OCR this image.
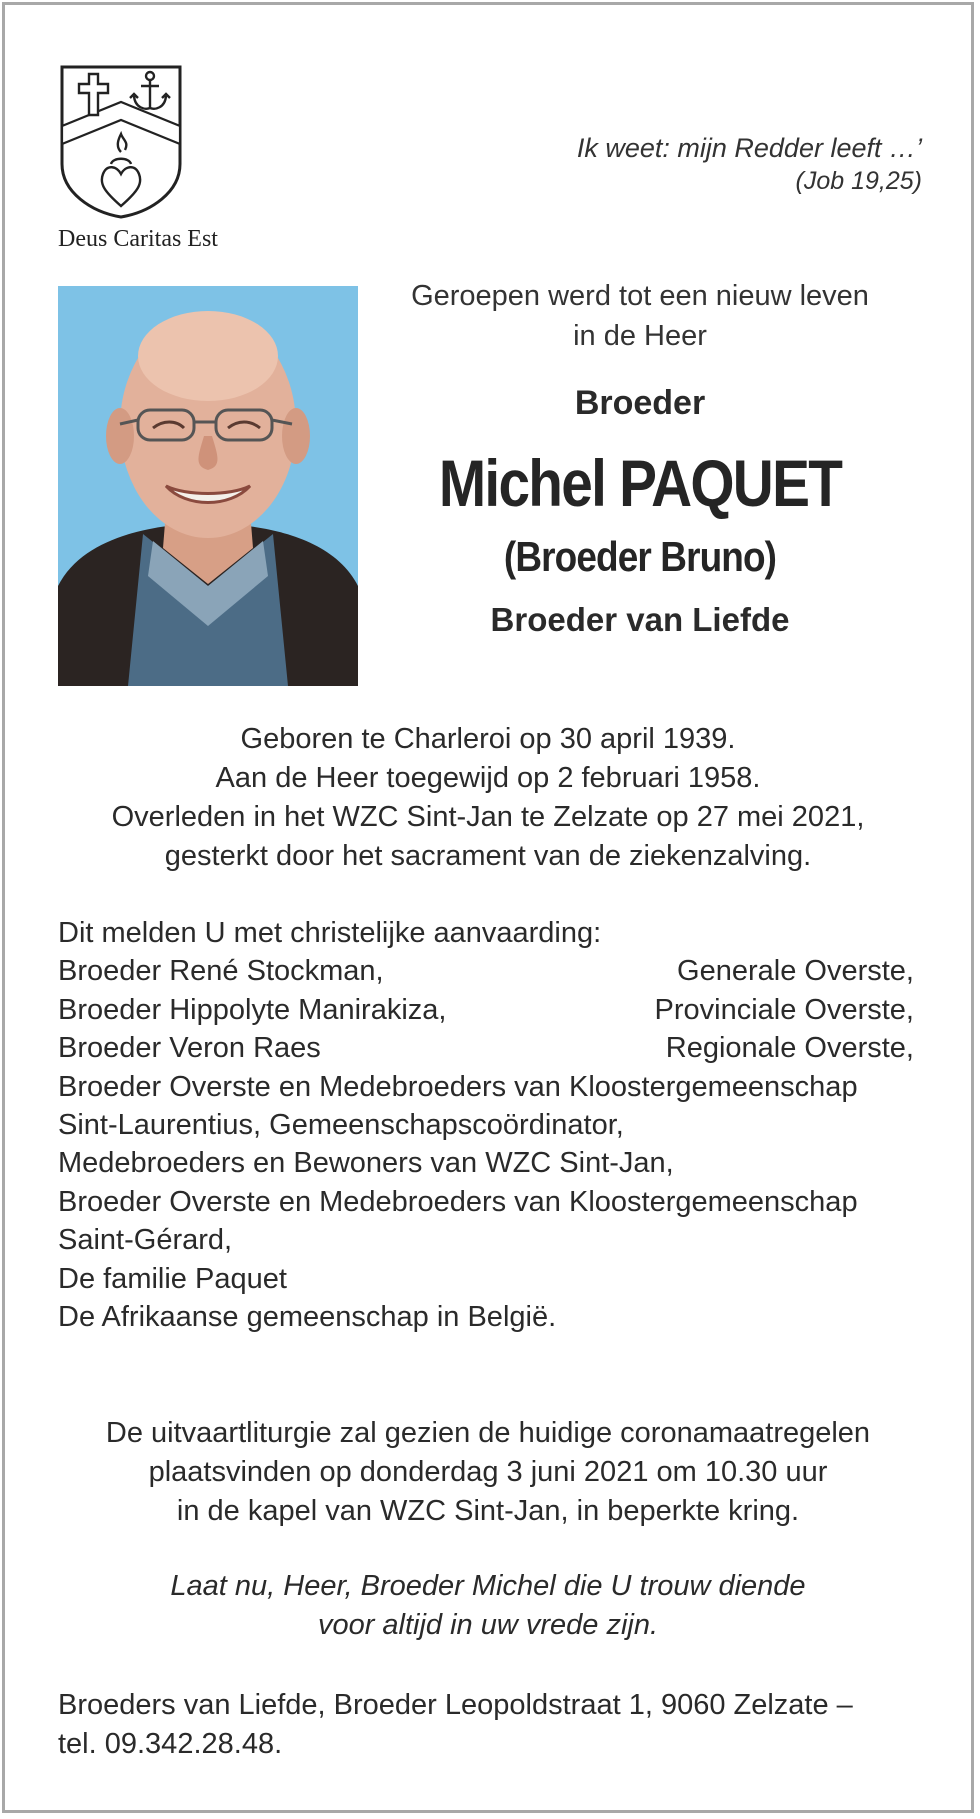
Deus Caritas Est
Ik weet: mijn Redder leeft …’
(Job 19,25)
Geroepen werd tot een nieuw leven
in de Heer
Broeder
Michel PAQUET
(Broeder Bruno)
Broeder van Liefde
Geboren te Charleroi op 30 april 1939.
Aan de Heer toegewijd op 2 februari 1958.
Overleden in het WZC Sint-Jan te Zelzate op 27 mei 2021,
gesterkt door het sacrament van de ziekenzalving.
Dit melden U met christelijke aanvaarding:
Broeder René Stockman,	Generale Overste,
Broeder Hippolyte Manirakiza,	Provinciale Overste,
Broeder Veron Raes	Regionale Overste,
Broeder Overste en Medebroeders van Kloostergemeenschap
Sint-Laurentius, Gemeenschapscoördinator,
Medebroeders en Bewoners van WZC Sint-Jan,
Broeder Overste en Medebroeders van Kloostergemeenschap
Saint-Gérard,
De familie Paquet
De Afrikaanse gemeenschap in België.
De uitvaartliturgie zal gezien de huidige coronamaatregelen
plaatsvinden op donderdag 3 juni 2021 om 10.30 uur
in de kapel van WZC Sint-Jan, in beperkte kring.
Laat nu, Heer, Broeder Michel die U trouw diende
voor altijd in uw vrede zijn.
Broeders van Liefde, Broeder Leopoldstraat 1, 9060 Zelzate –
tel. 09.342.28.48.
